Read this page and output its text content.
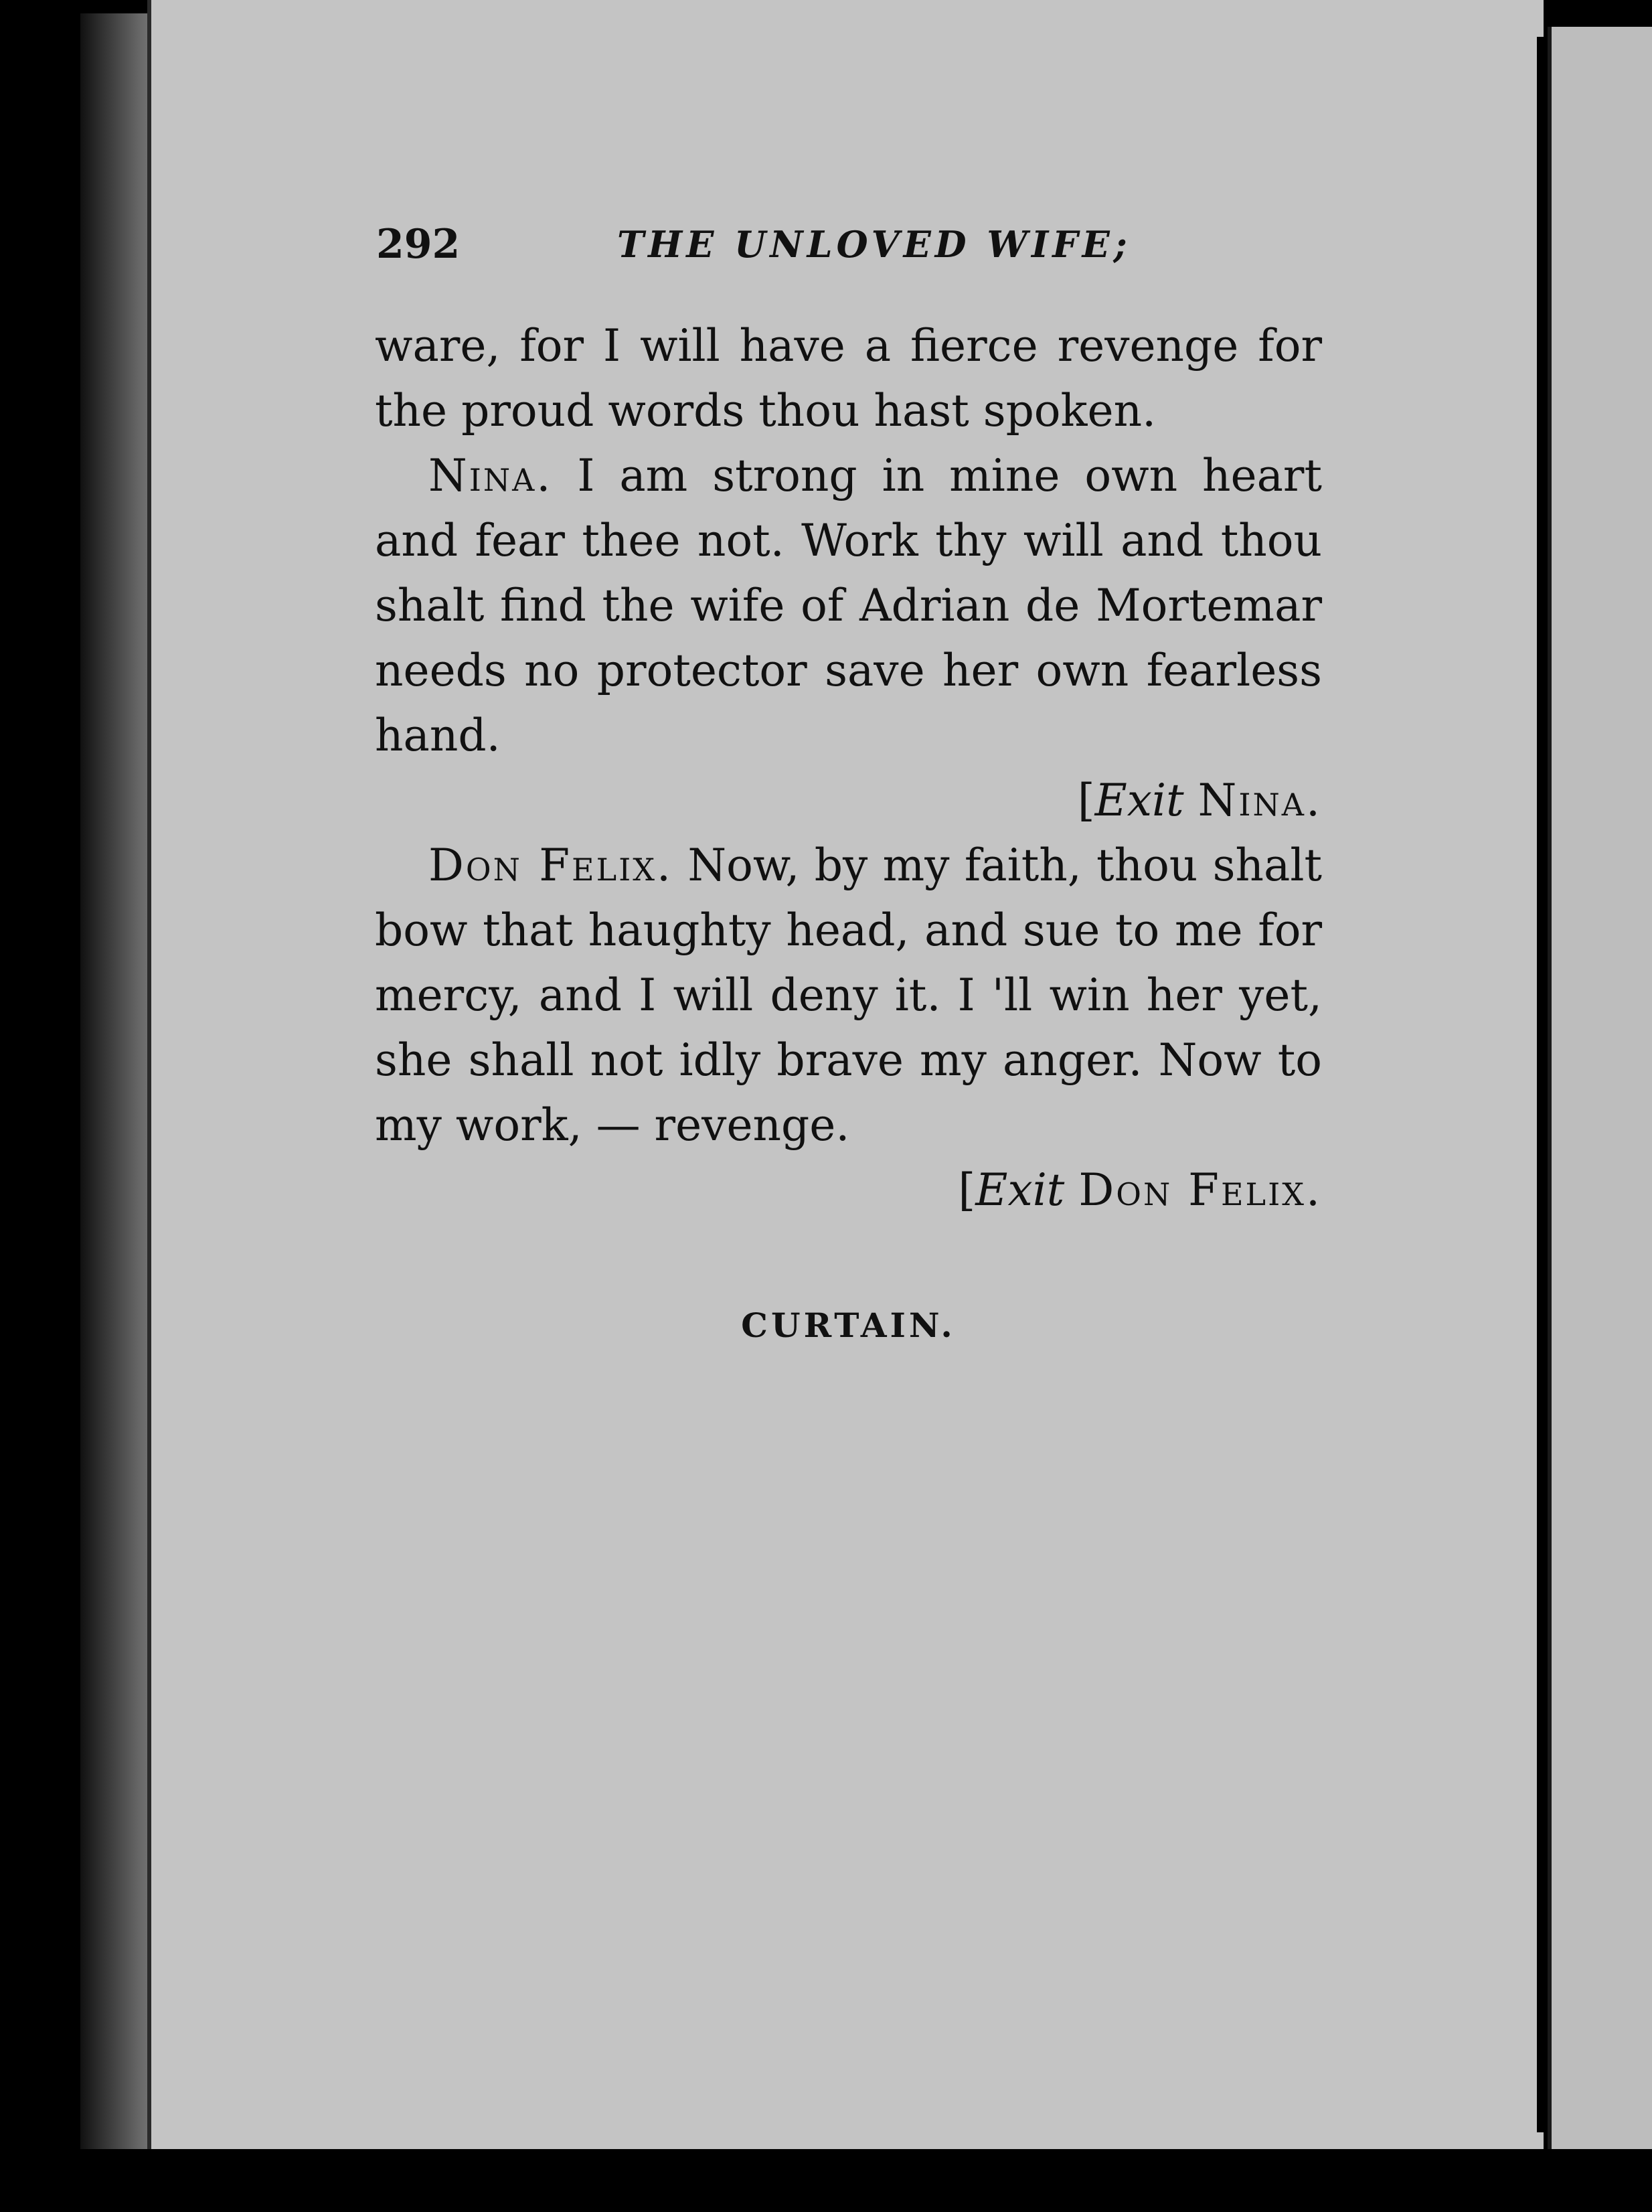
292	THE UNLOVED WIFE;

ware, for I will have a fierce revenge for the proud words thou hast spoken.

Nina. I am strong in mine own heart and fear thee not. Work thy will and thou shalt find the wife of Adrian de Mortemar needs no protector save her own fearless hand.

[Exit Nina.

Don Felix. Now, by my faith, thou shalt bow that haughty head, and sue to me for mercy, and I will deny it. I 'll win her yet, she shall not idly brave my anger. Now to my work, — revenge.

[Exit Don Felix.

CURTAIN.
